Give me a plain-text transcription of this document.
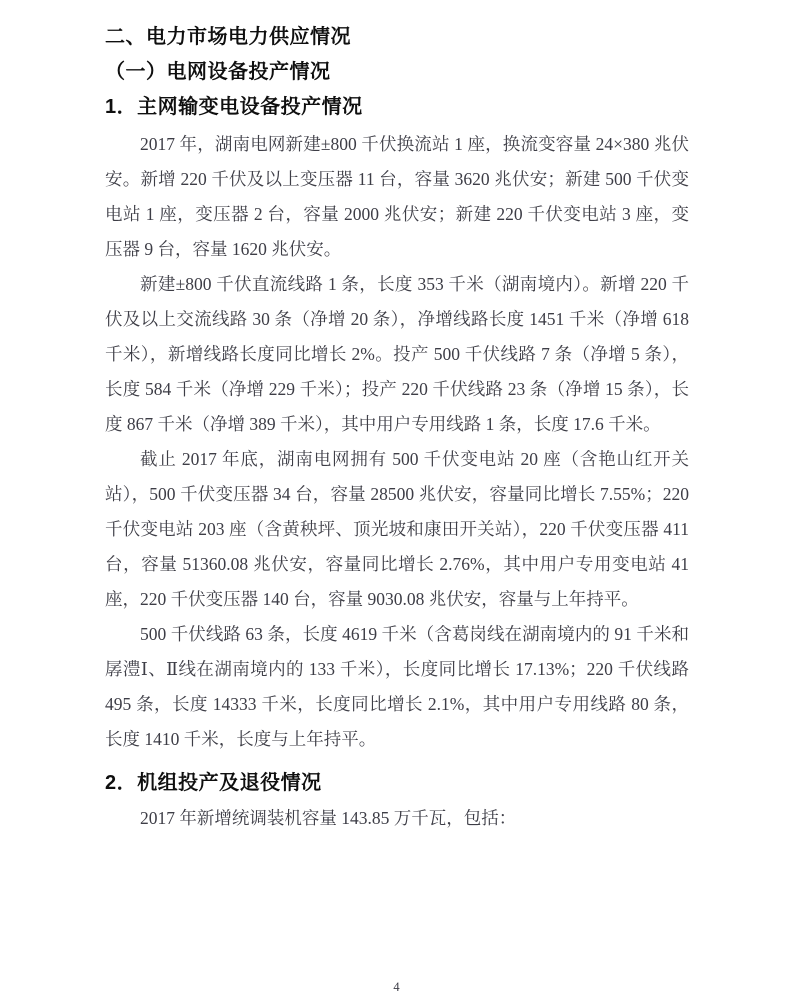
二、电力市场电力供应情况
（一）电网设备投产情况
1．主网输变电设备投产情况

2017 年，湖南电网新建±800 千伏换流站 1 座，换流变容量 24×380 兆伏安。新增 220 千伏及以上变压器 11 台，容量 3620 兆伏安；新建 500 千伏变电站 1 座，变压器 2 台，容量 2000 兆伏安；新建 220 千伏变电站 3 座，变压器 9 台，容量 1620 兆伏安。

新建±800 千伏直流线路 1 条，长度 353 千米（湖南境内）。新增 220 千伏及以上交流线路 30 条（净增 20 条），净增线路长度 1451 千米（净增 618 千米），新增线路长度同比增长 2%。投产 500 千伏线路 7 条（净增 5 条），长度 584 千米（净增 229 千米）；投产 220 千伏线路 23 条（净增 15 条），长度 867 千米（净增 389 千米），其中用户专用线路 1 条，长度 17.6 千米。

截止 2017 年底，湖南电网拥有 500 千伏变电站 20 座（含艳山红开关站），500 千伏变压器 34 台，容量 28500 兆伏安，容量同比增长 7.55%；220 千伏变电站 203 座（含黄秧坪、顶光坡和康田开关站），220 千伏变压器 411 台，容量 51360.08 兆伏安，容量同比增长 2.76%，其中用户专用变电站 41 座，220 千伏变压器 140 台，容量 9030.08 兆伏安，容量与上年持平。

500 千伏线路 63 条，长度 4619 千米（含葛岗线在湖南境内的 91 千米和孱澧Ⅰ、Ⅱ线在湖南境内的 133 千米），长度同比增长 17.13%；220 千伏线路 495 条，长度 14333 千米，长度同比增长 2.1%，其中用户专用线路 80 条，长度 1410 千米，长度与上年持平。

2．机组投产及退役情况

2017 年新增统调装机容量 143.85 万千瓦，包括：

4
